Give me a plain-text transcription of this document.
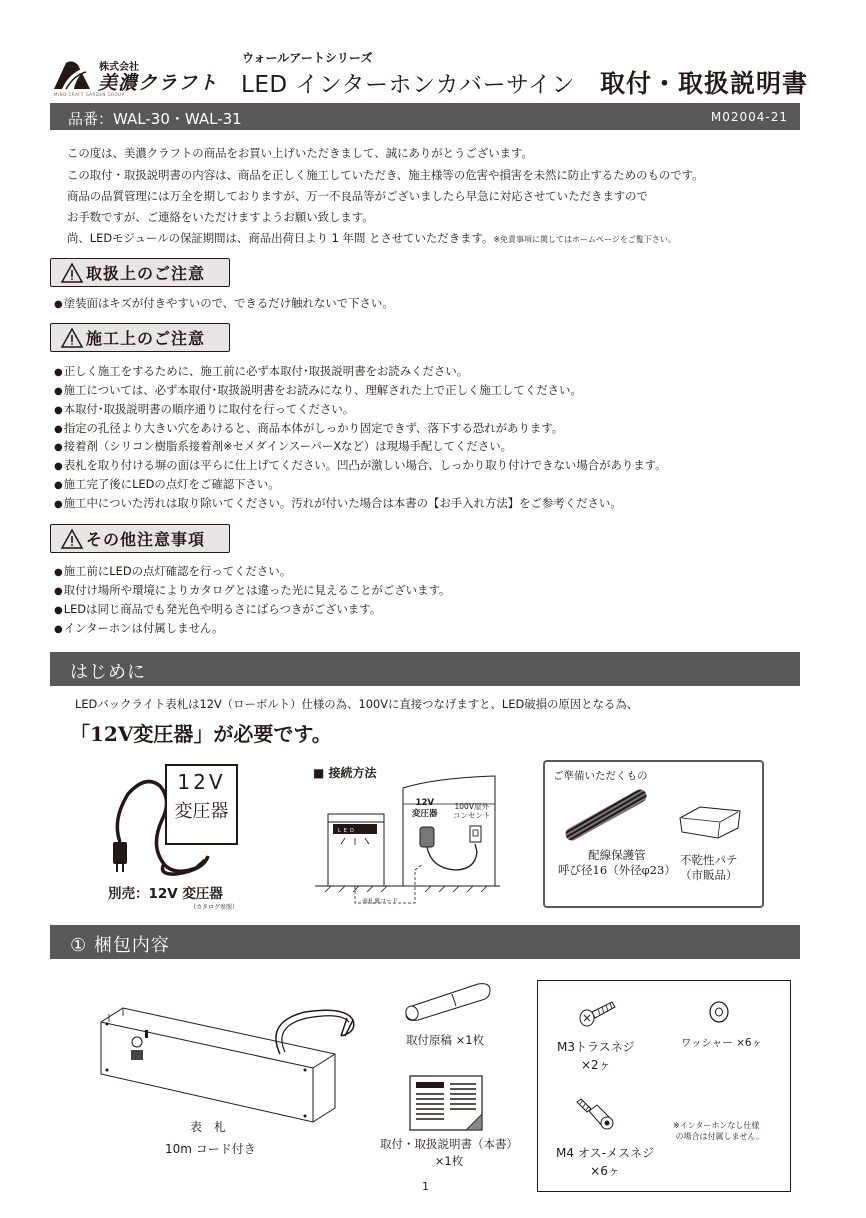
株式会社
美濃クラフト
MINO CRAFT GARDEN GROUP
ウォールアートシリーズ
LED インターホンカバーサイン 取付・取扱説明書
品番：WAL-30・WAL-31	M02004-21
この度は、美濃クラフトの商品をお買い上げいただきまして、誠にありがとうございます。
この取付・取扱説明書の内容は、商品を正しく施工していただき、施主様等の危害や損害を未然に防止するためのものです。
商品の品質管理には万全を期しておりますが、万一不良品等がございましたら早急に対応させていただきますので
お手数ですが、ご連絡をいただけますようお願い致します。
尚、LEDモジュールの保証期間は、商品出荷日より 1 年間 とさせていただきます。※免責事項に関してはホームページをご覧下さい。
取扱上のご注意
● 塗装面はキズが付きやすいので、できるだけ触れないで下さい。
施工上のご注意
● 正しく施工をするために、施工前に必ず本取付･取扱説明書をお読みください。
● 施工については、必ず本取付･取扱説明書をお読みになり、理解された上で正しく施工してください。
● 本取付･取扱説明書の順序通りに取付を行ってください。
● 指定の孔径より大きい穴をあけると、商品本体がしっかり固定できず、落下する恐れがあります。
● 接着剤（シリコン樹脂系接着剤※セメダインスーパーXなど）は現場手配してください。
● 表札を取り付ける塀の面は平らに仕上げてください。凹凸が激しい場合、しっかり取り付けできない場合があります。
● 施工完了後にLEDの点灯をご確認下さい。
● 施工中についた汚れは取り除いてください。汚れが付いた場合は本書の【お手入れ方法】をご参考ください。
その他注意事項
● 施工前にLEDの点灯確認を行ってください。
● 取付け場所や環境によりカタログとは違った光に見えることがございます。
● LEDは同じ商品でも発光色や明るさにばらつきがございます。
● インターホンは付属しません。
はじめに
LEDバックライト表札は12V（ローボルト）仕様の為、100Vに直接つなげますと、LED破損の原因となる為、
「12V変圧器」が必要です。
12V
変圧器
別売：12V 変圧器
（カタログ参照）
■ 接続方法
12V
変圧器
100V屋外
コンセント
LED
表札裏コード
ご準備いただくもの
配線保護管
呼び径16（外径φ23）
不乾性パテ
（市販品）
① 梱包内容
表 札
10m コード付き
取付原稿 ×1枚
取付・取扱説明書（本書）
×1枚
M3トラスネジ
×2ヶ
ワッシャー ×6ヶ
M4 オス-メスネジ
×6ヶ
※インターホンなし仕様
の場合は付属しません。
1
